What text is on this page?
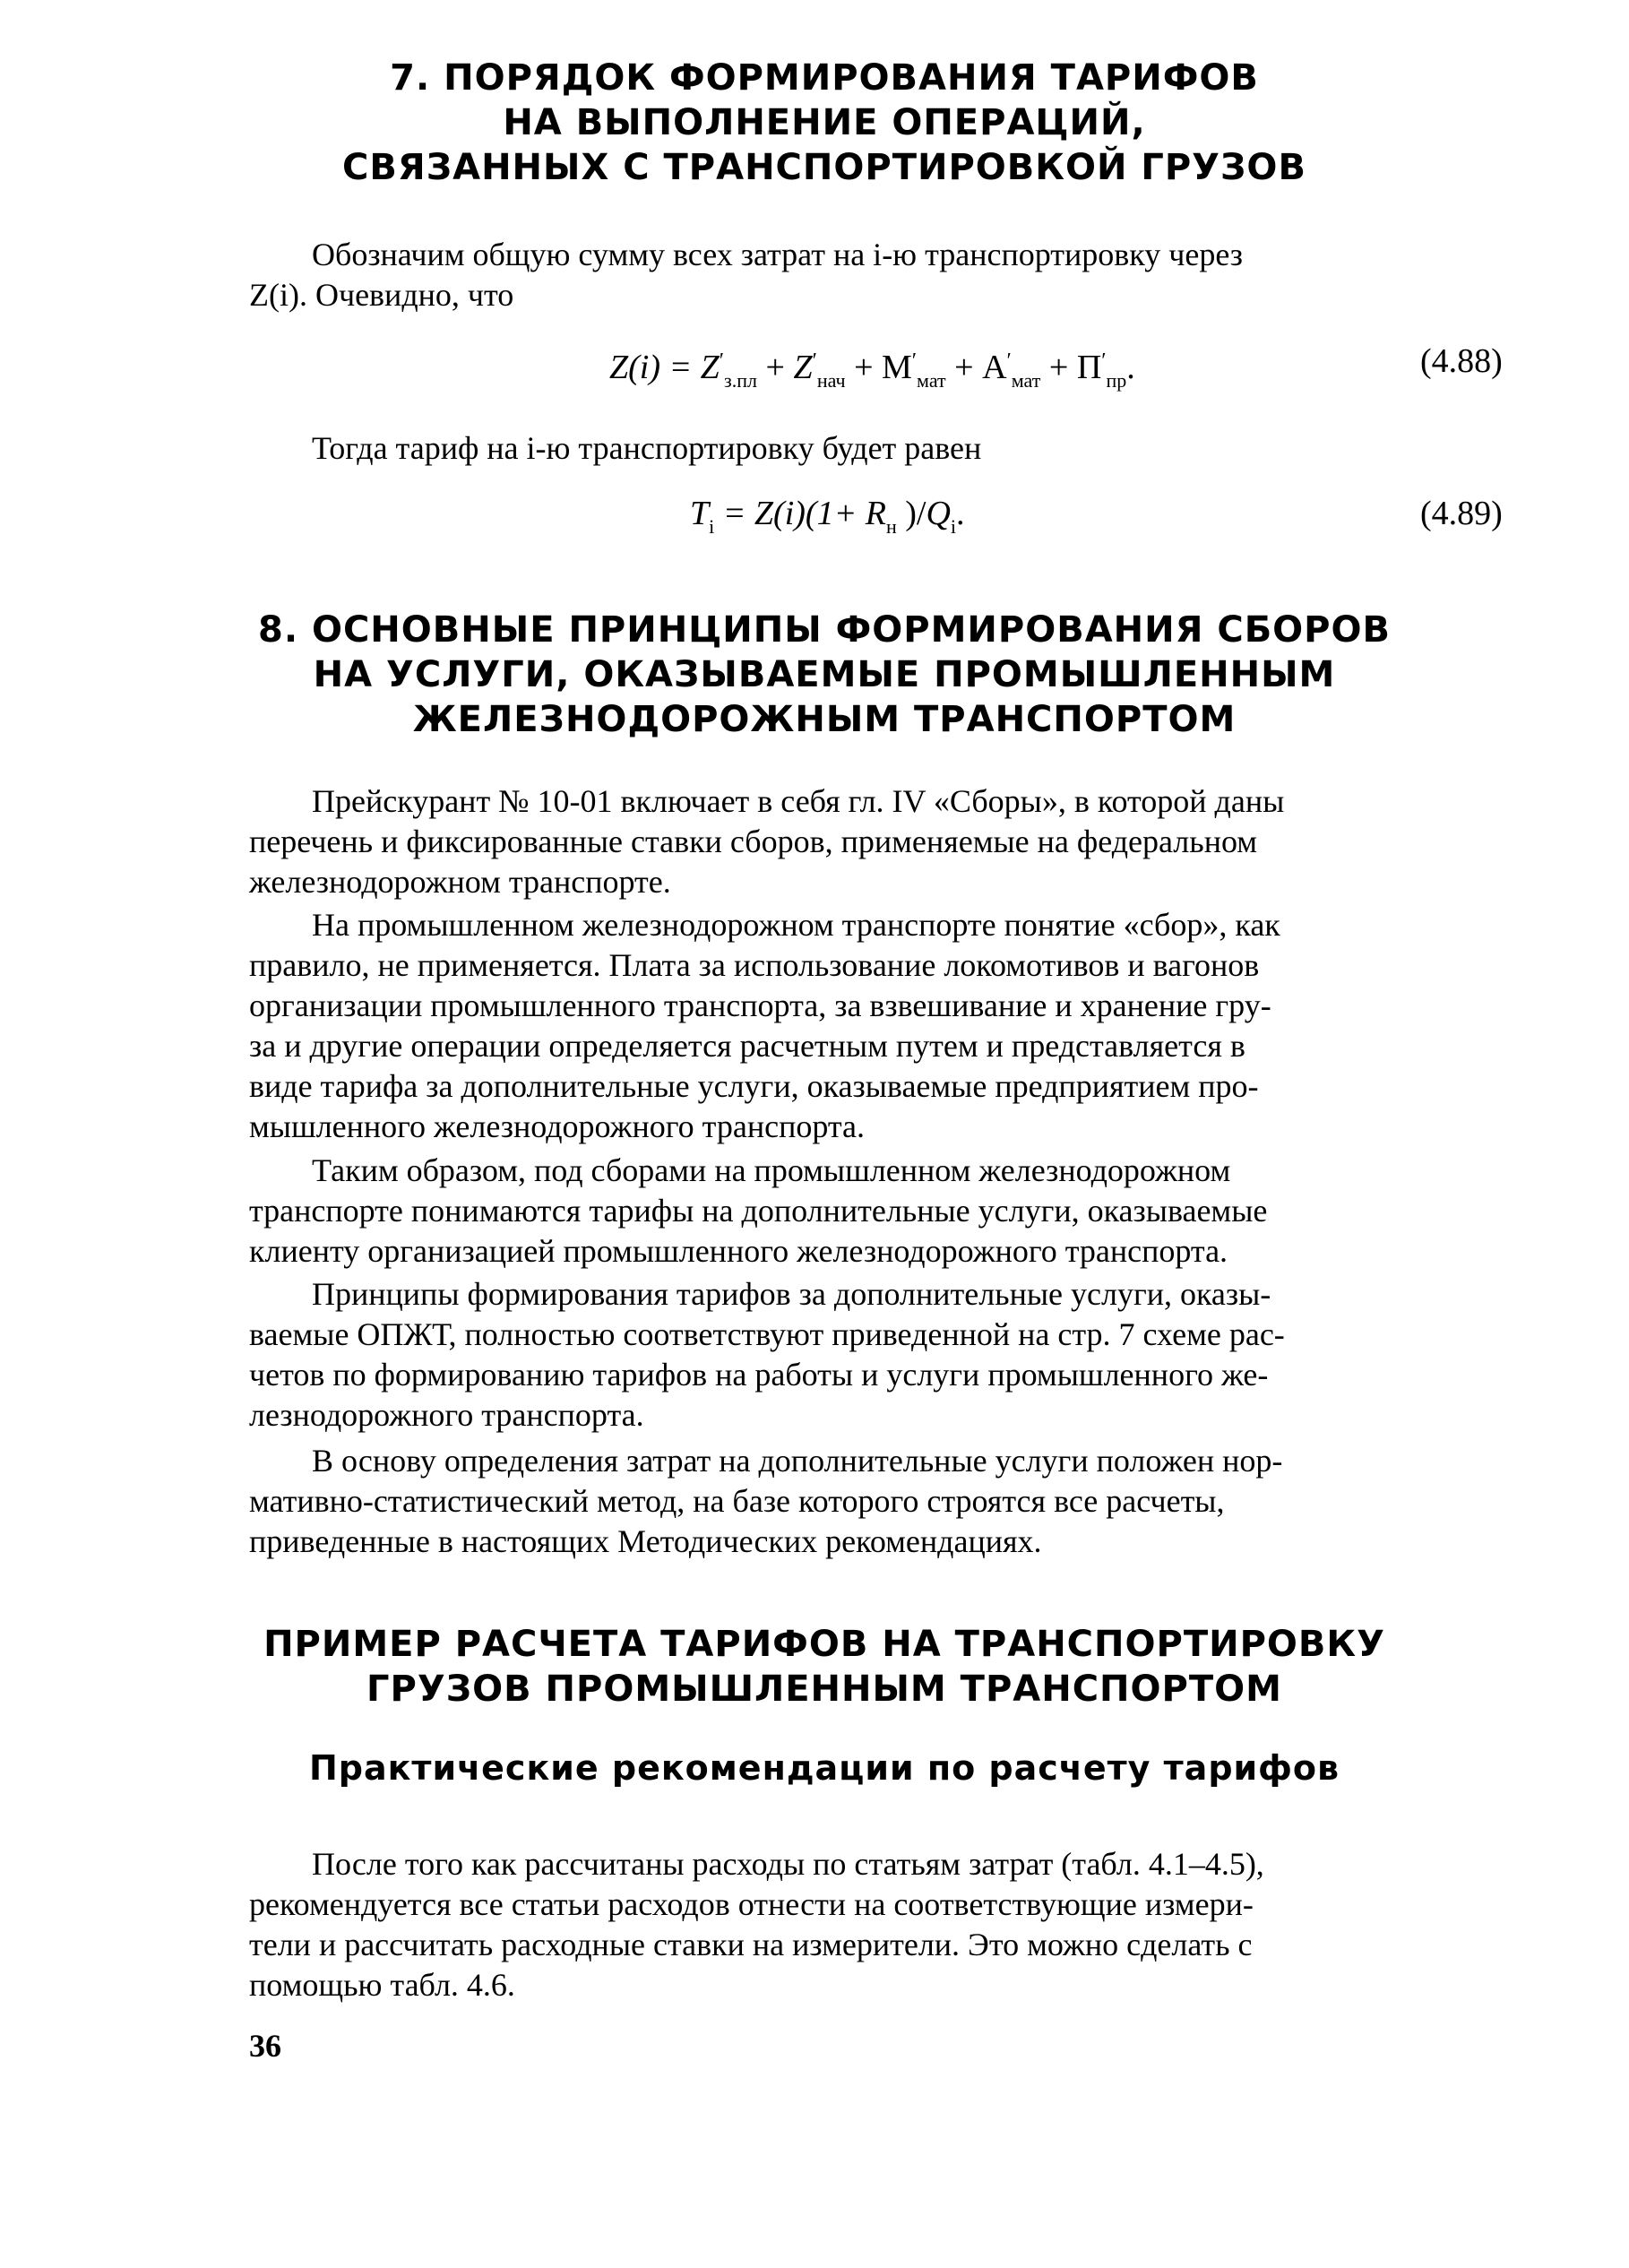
7. ПОРЯДОК ФОРМИРОВАНИЯ ТАРИФОВ
НА ВЫПОЛНЕНИЕ ОПЕРАЦИЙ,
СВЯЗАННЫХ С ТРАНСПОРТИРОВКОЙ ГРУЗОВ
Обозначим общую сумму всех затрат на i-ю транспортировку через
Z(i). Очевидно, что
$Z(i) = Z'_{з.пл} + Z'_{нач} + М'_{мат} + А'_{мат} + П'_{пр}$.	(4.88)
Тогда тариф на i-ю транспортировку будет равен
$T_i = Z(i)(1+ R_н$ )$/Q_i$.	(4.89)
8. ОСНОВНЫЕ ПРИНЦИПЫ ФОРМИРОВАНИЯ СБОРОВ
НА УСЛУГИ, ОКАЗЫВАЕМЫЕ ПРОМЫШЛЕННЫМ
ЖЕЛЕЗНОДОРОЖНЫМ ТРАНСПОРТОМ
Прейскурант № 10-01 включает в себя гл. IV «Сборы», в которой даны
перечень и фиксированные ставки сборов, применяемые на федеральном
железнодорожном транспорте.
На промышленном железнодорожном транспорте понятие «сбор», как
правило, не применяется. Плата за использование локомотивов и вагонов
организации промышленного транспорта, за взвешивание и хранение гру-
за и другие операции определяется расчетным путем и представляется в
виде тарифа за дополнительные услуги, оказываемые предприятием про-
мышленного железнодорожного транспорта.
Таким образом, под сборами на промышленном железнодорожном
транспорте понимаются тарифы на дополнительные услуги, оказываемые
клиенту организацией промышленного железнодорожного транспорта.
Принципы формирования тарифов за дополнительные услуги, оказы-
ваемые ОПЖТ, полностью соответствуют приведенной на стр. 7 схеме рас-
четов по формированию тарифов на работы и услуги промышленного же-
лезнодорожного транспорта.
В основу определения затрат на дополнительные услуги положен нор-
мативно-статистический метод, на базе которого строятся все расчеты,
приведенные в настоящих Методических рекомендациях.
ПРИМЕР РАСЧЕТА ТАРИФОВ НА ТРАНСПОРТИРОВКУ
ГРУЗОВ ПРОМЫШЛЕННЫМ ТРАНСПОРТОМ
Практические рекомендации по расчету тарифов
После того как рассчитаны расходы по статьям затрат (табл. 4.1–4.5),
рекомендуется все статьи расходов отнести на соответствующие измери-
тели и рассчитать расходные ставки на измерители. Это можно сделать с
помощью табл. 4.6.
36
